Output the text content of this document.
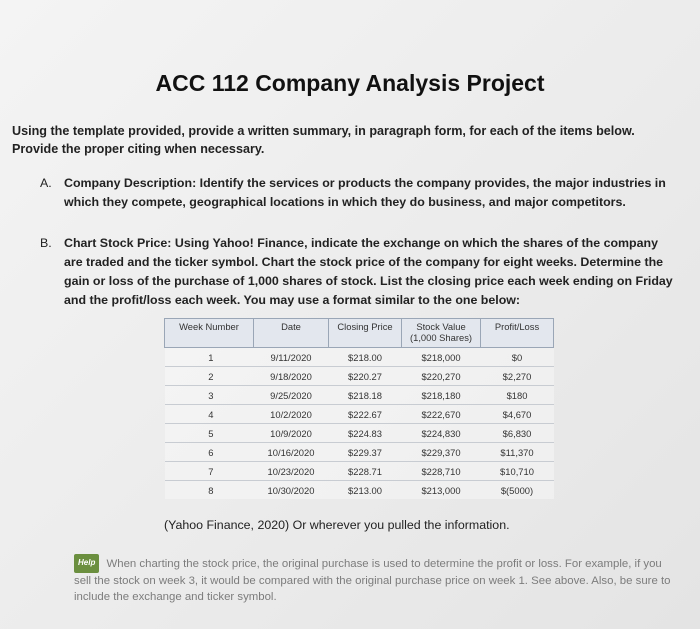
ACC 112 Company Analysis Project
Using the template provided, provide a written summary, in paragraph form, for each of the items below. Provide the proper citing when necessary.
A. Company Description: Identify the services or products the company provides, the major industries in which they compete, geographical locations in which they do business, and major competitors.
B. Chart Stock Price: Using Yahoo! Finance, indicate the exchange on which the shares of the company are traded and the ticker symbol. Chart the stock price of the company for eight weeks. Determine the gain or loss of the purchase of 1,000 shares of stock. List the closing price each week ending on Friday and the profit/loss each week. You may use a format similar to the one below:
Week Number	Date	Closing Price	Stock Value (1,000 Shares)	Profit/Loss
1	9/11/2020	$218.00	$218,000	$0
2	9/18/2020	$220.27	$220,270	$2,270
3	9/25/2020	$218.18	$218,180	$180
4	10/2/2020	$222.67	$222,670	$4,670
5	10/9/2020	$224.83	$224,830	$6,830
6	10/16/2020	$229.37	$229,370	$11,370
7	10/23/2020	$228.71	$228,710	$10,710
8	10/30/2020	$213.00	$213,000	$(5000)
(Yahoo Finance, 2020) Or wherever you pulled the information.
Help When charting the stock price, the original purchase is used to determine the profit or loss. For example, if you sell the stock on week 3, it would be compared with the original purchase price on week 1. See above. Also, be sure to include the exchange and ticker symbol.
